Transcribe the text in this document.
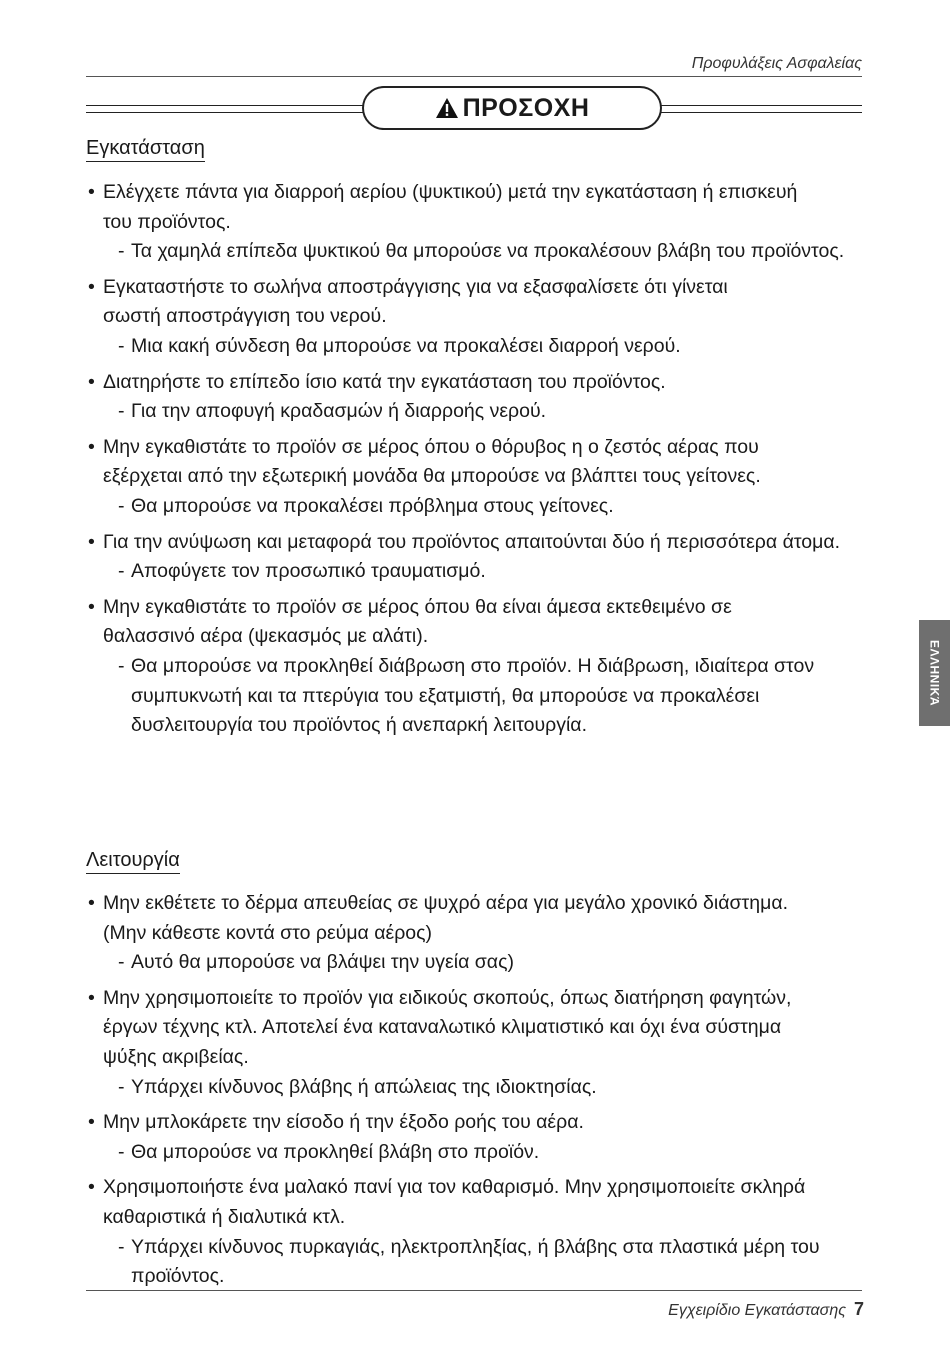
Προφυλάξεις Ασφαλείας
ΠΡΟΣΟΧΗ
Εγκατάσταση
• Ελέγχετε πάντα για διαρροή αερίου (ψυκτικού) μετά την εγκατάσταση ή επισκευή
του προϊόντος.
- Τα χαμηλά επίπεδα ψυκτικού θα μπορούσε να προκαλέσουν βλάβη του προϊόντος.
• Εγκαταστήστε το σωλήνα αποστράγγισης για να εξασφαλίσετε ότι γίνεται
σωστή αποστράγγιση του νερού.
- Μια κακή σύνδεση θα μπορούσε να προκαλέσει διαρροή νερού.
• Διατηρήστε το επίπεδο ίσιο κατά την εγκατάσταση του προϊόντος.
- Για την αποφυγή κραδασμών ή διαρροής νερού.
• Μην εγκαθιστάτε το προϊόν σε μέρος όπου ο θόρυβος η ο ζεστός αέρας που
εξέρχεται από την εξωτερική μονάδα θα μπορούσε να βλάπτει τους γείτονες.
- Θα μπορούσε να προκαλέσει πρόβλημα στους γείτονες.
• Για την ανύψωση και μεταφορά του προϊόντος απαιτούνται δύο ή περισσότερα άτομα.
- Αποφύγετε τον προσωπικό τραυματισμό.
• Μην εγκαθιστάτε το προϊόν σε μέρος όπου θα είναι άμεσα εκτεθειμένο σε
θαλασσινό αέρα (ψεκασμός με αλάτι).
- Θα μπορούσε να προκληθεί διάβρωση στο προϊόν. Η διάβρωση, ιδιαίτερα στον
συμπυκνωτή και τα πτερύγια του εξατμιστή, θα μπορούσε να προκαλέσει
δυσλειτουργία του προϊόντος ή ανεπαρκή λειτουργία.
Λειτουργία
• Μην εκθέτετε το δέρμα απευθείας σε ψυχρό αέρα για μεγάλο χρονικό διάστημα.
(Μην κάθεστε κοντά στο ρεύμα αέρος)
- Αυτό θα μπορούσε να βλάψει την υγεία σας)
• Μην χρησιμοποιείτε το προϊόν για ειδικούς σκοπούς, όπως διατήρηση φαγητών,
έργων τέχνης κτλ. Αποτελεί ένα καταναλωτικό κλιματιστικό και όχι ένα σύστημα
ψύξης ακριβείας.
- Υπάρχει κίνδυνος βλάβης ή απώλειας της ιδιοκτησίας.
• Μην μπλοκάρετε την είσοδο ή την έξοδο ροής του αέρα.
- Θα μπορούσε να προκληθεί βλάβη στο προϊόν.
• Χρησιμοποιήστε ένα μαλακό πανί για τον καθαρισμό. Μην χρησιμοποιείτε σκληρά
καθαριστικά ή διαλυτικά κτλ.
- Υπάρχει κίνδυνος πυρκαγιάς, ηλεκτροπληξίας, ή βλάβης στα πλαστικά μέρη του
προϊόντος.
ΕΛΛΗΝΙΚΆ
Εγχειρίδιο Εγκατάστασης 7
